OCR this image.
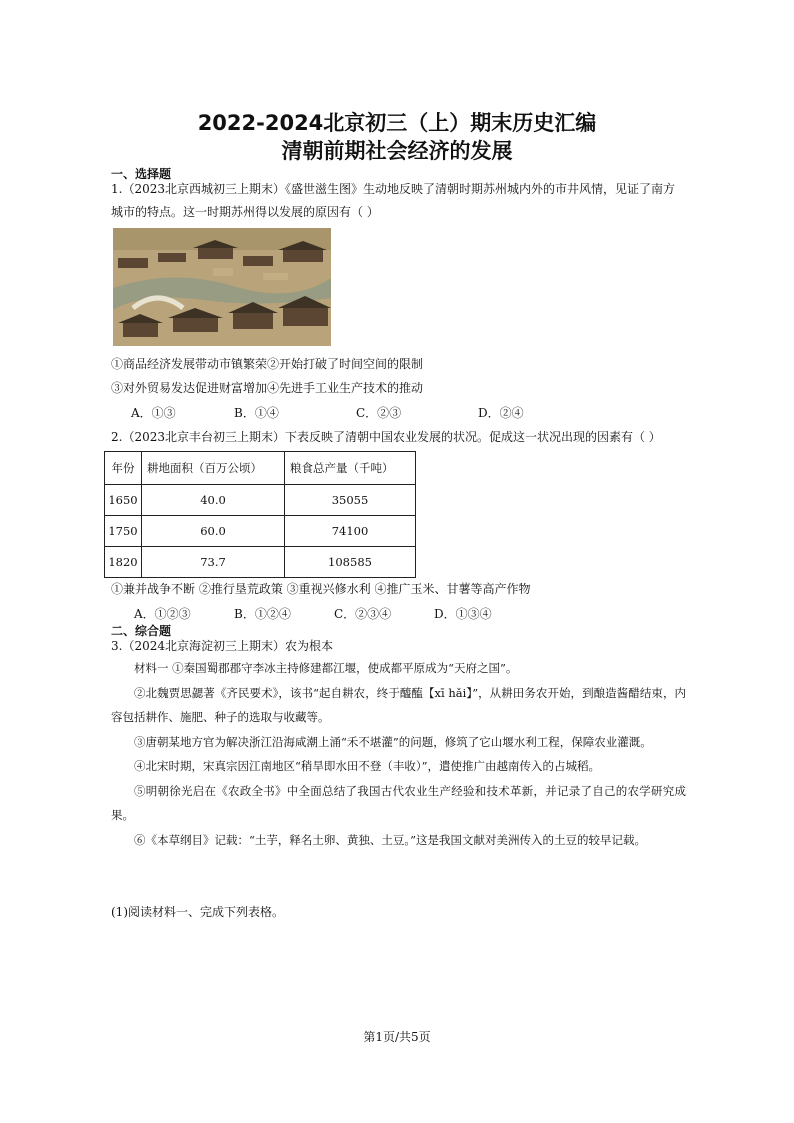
2022-2024北京初三（上）期末历史汇编
清朝前期社会经济的发展
一、选择题
1.（2023北京西城初三上期末）《盛世滋生图》生动地反映了清朝时期苏州城内外的市井风情，见证了南方
城市的特点。这一时期苏州得以发展的原因有（ ）
①商品经济发展带动市镇繁荣②开始打破了时间空间的限制
③对外贸易发达促进财富增加④先进手工业生产技术的推动
A．①③	B．①④	C．②③	D．②④
2.（2023北京丰台初三上期末）下表反映了清朝中国农业发展的状况。促成这一状况出现的因素有（ ）
年份	耕地面积（百万公顷）	粮食总产量（千吨）
1650	40.0	35055
1750	60.0	74100
1820	73.7	108585
①兼并战争不断 ②推行垦荒政策 ③重视兴修水利 ④推广玉米、甘薯等高产作物
A．①②③	B．①②④	C．②③④	D．①③④
二、综合题
3.（2024北京海淀初三上期末）农为根本

材料一 ①秦国蜀郡郡守李冰主持修建都江堰，使成都平原成为“天府之国”。

②北魏贾思勰著《齐民要术》，该书“起自耕农，终于醯醢【xī hǎi】”，从耕田务农开始，到酿造酱醋结束，内容包括耕作、施肥、种子的选取与收藏等。

③唐朝某地方官为解决浙江沿海咸潮上涌“禾不堪灌”的问题，修筑了它山堰水利工程，保障农业灌溉。

④北宋时期，宋真宗因江南地区“稍旱即水田不登（丰收）”，遣使推广由越南传入的占城稻。

⑤明朝徐光启在《农政全书》中全面总结了我国古代农业生产经验和技术革新，并记录了自己的农学研究成果。

⑥《本草纲目》记载：“土芋，释名土卵、黄独、土豆。”这是我国文献对美洲传入的土豆的较早记载。

(1)阅读材料一、完成下列表格。
第1页/共5页
